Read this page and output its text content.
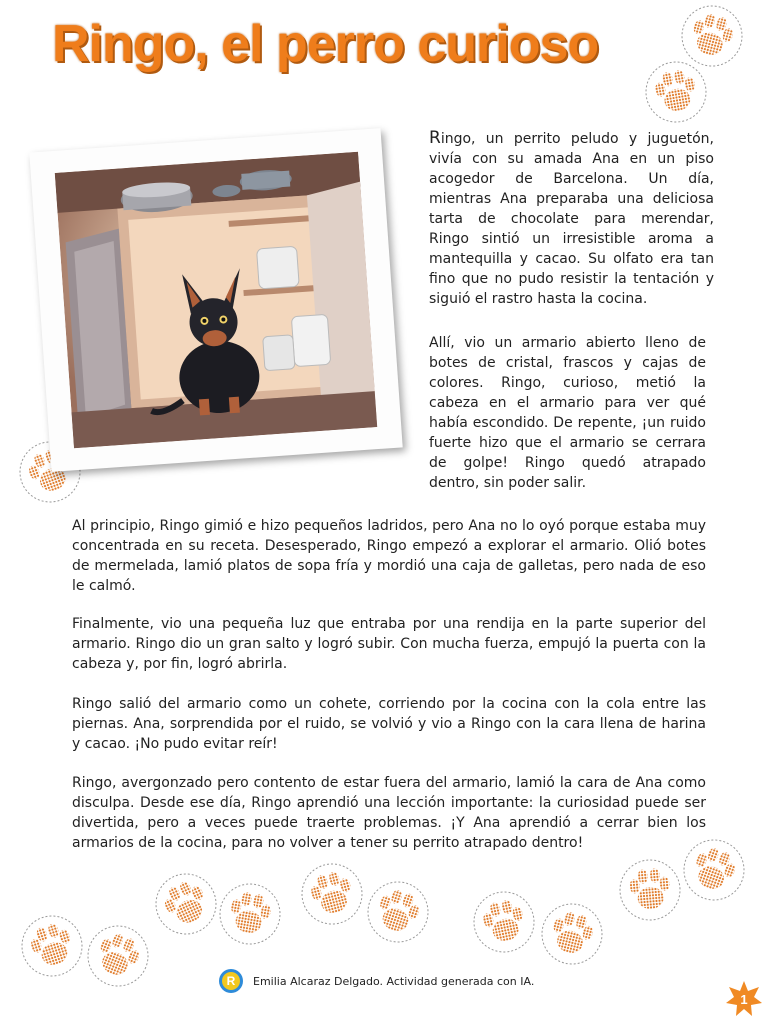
Ringo, el perro curioso

Ringo, un perrito peludo y juguetón, vivía con su amada Ana en un piso acogedor de Barcelona. Un día, mientras Ana preparaba una deliciosa tarta de chocolate para merendar, Ringo sintió un irresistible aroma a mantequilla y cacao. Su olfato era tan fino que no pudo resistir la tentación y siguió el rastro hasta la cocina.

Allí, vio un armario abierto lleno de botes de cristal, frascos y cajas de colores. Ringo, curioso, metió la cabeza en el armario para ver qué había escondido. De repente, ¡un ruido fuerte hizo que el armario se cerrara de golpe! Ringo quedó atrapado dentro, sin poder salir.

Al principio, Ringo gimió e hizo pequeños ladridos, pero Ana no lo oyó porque estaba muy concentrada en su receta. Desesperado, Ringo empezó a explorar el armario. Olió botes de mermelada, lamió platos de sopa fría y mordió una caja de galletas, pero nada de eso le calmó.

Finalmente, vio una pequeña luz que entraba por una rendija en la parte superior del armario. Ringo dio un gran salto y logró subir. Con mucha fuerza, empujó la puerta con la cabeza y, por fin, logró abrirla.

Ringo salió del armario como un cohete, corriendo por la cocina con la cola entre las piernas. Ana, sorprendida por el ruido, se volvió y vio a Ringo con la cara llena de harina y cacao. ¡No pudo evitar reír!

Ringo, avergonzado pero contento de estar fuera del armario, lamió la cara de Ana como disculpa. Desde ese día, Ringo aprendió una lección importante: la curiosidad puede ser divertida, pero a veces puede traerte problemas. ¡Y Ana aprendió a cerrar bien los armarios de la cocina, para no volver a tener su perrito atrapado dentro!

R	Emilia Alcaraz Delgado. Actividad generada con IA.
1
